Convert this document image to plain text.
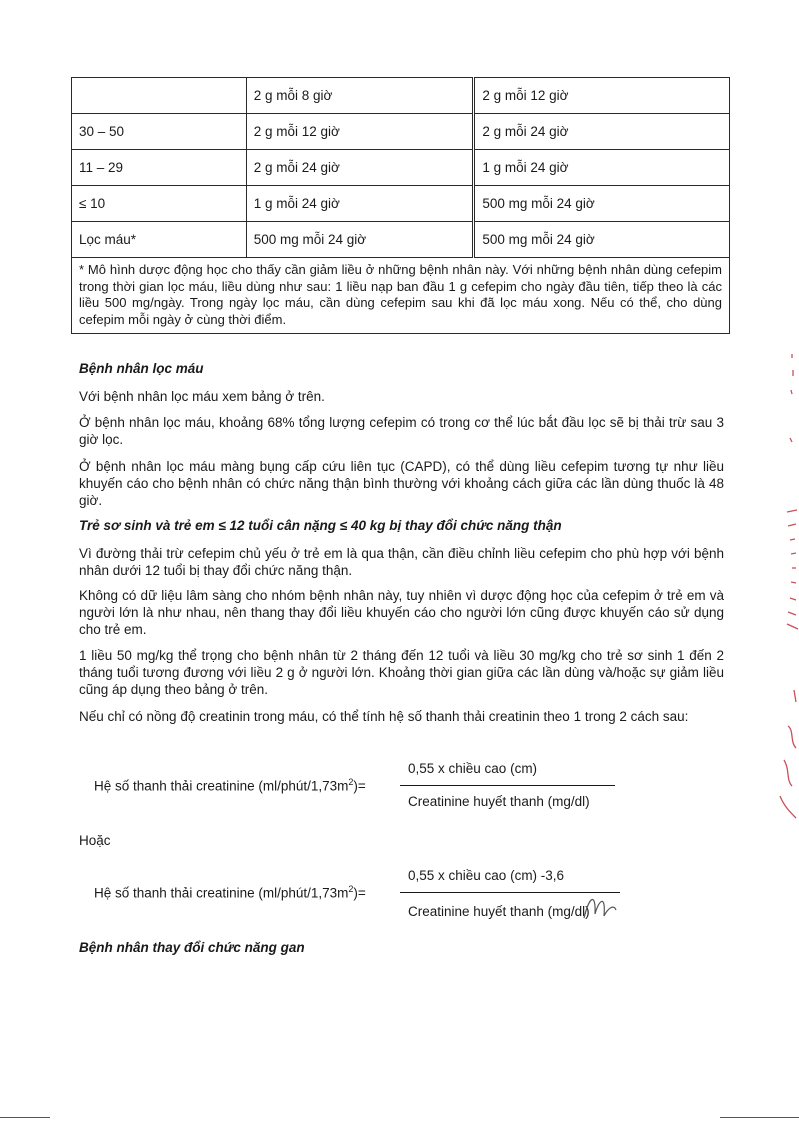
	2 g mỗi 8 giờ	2 g mỗi 12 giờ
30 – 50	2 g mỗi 12 giờ	2 g mỗi 24 giờ
11 – 29	2 g mỗi 24 giờ	1 g mỗi 24 giờ
≤ 10	1 g mỗi 24 giờ	500 mg mỗi 24 giờ
Lọc máu*	500 mg mỗi 24 giờ	500 mg mỗi 24 giờ
* Mô hình dược động học cho thấy cần giảm liều ở những bệnh nhân này. Với những bệnh nhân dùng cefepim trong thời gian lọc máu, liều dùng như sau: 1 liều nạp ban đầu 1 g cefepim cho ngày đầu tiên, tiếp theo là các liều 500 mg/ngày. Trong ngày lọc máu, cần dùng cefepim sau khi đã lọc máu xong. Nếu có thể, cho dùng cefepim mỗi ngày ở cùng thời điểm.		

Bệnh nhân lọc máu

Với bệnh nhân lọc máu xem bảng ở trên.

Ở bệnh nhân lọc máu, khoảng 68% tổng lượng cefepim có trong cơ thể lúc bắt đầu lọc sẽ bị thải trừ sau 3 giờ lọc.

Ở bệnh nhân lọc máu màng bụng cấp cứu liên tục (CAPD), có thể dùng liều cefepim tương tự như liều khuyến cáo cho bệnh nhân có chức năng thận bình thường với khoảng cách giữa các lần dùng thuốc là 48 giờ.

Trẻ sơ sinh và trẻ em ≤ 12 tuổi cân nặng ≤ 40 kg bị thay đổi chức năng thận

Vì đường thải trừ cefepim chủ yếu ở trẻ em là qua thận, cần điều chỉnh liều cefepim cho phù hợp với bệnh nhân dưới 12 tuổi bị thay đổi chức năng thận.

Không có dữ liệu lâm sàng cho nhóm bệnh nhân này, tuy nhiên vì dược động học của cefepim ở trẻ em và người lớn là như nhau, nên thang thay đổi liều khuyến cáo cho người lớn cũng được khuyến cáo sử dụng cho trẻ em.

1 liều 50 mg/kg thể trọng cho bệnh nhân từ 2 tháng đến 12 tuổi và liều 30 mg/kg cho trẻ sơ sinh 1 đến 2 tháng tuổi tương đương với liều 2 g ở người lớn. Khoảng thời gian giữa các lần dùng và/hoặc sự giảm liều cũng áp dụng theo bảng ở trên.

Nếu chỉ có nồng độ creatinin trong máu, có thể tính hệ số thanh thải creatinin theo 1 trong 2 cách sau:

Hệ số thanh thải creatinine $(ml/phút/1,73m^2)=$
0,55 x chiều cao (cm)
Creatinine huyết thanh (mg/dl)

Hoặc

Hệ số thanh thải creatinine $(ml/phút/1,73m^2)=$
0,55 x chiều cao (cm) -3,6
Creatinine huyết thanh (mg/dl)

Bệnh nhân thay đổi chức năng gan
